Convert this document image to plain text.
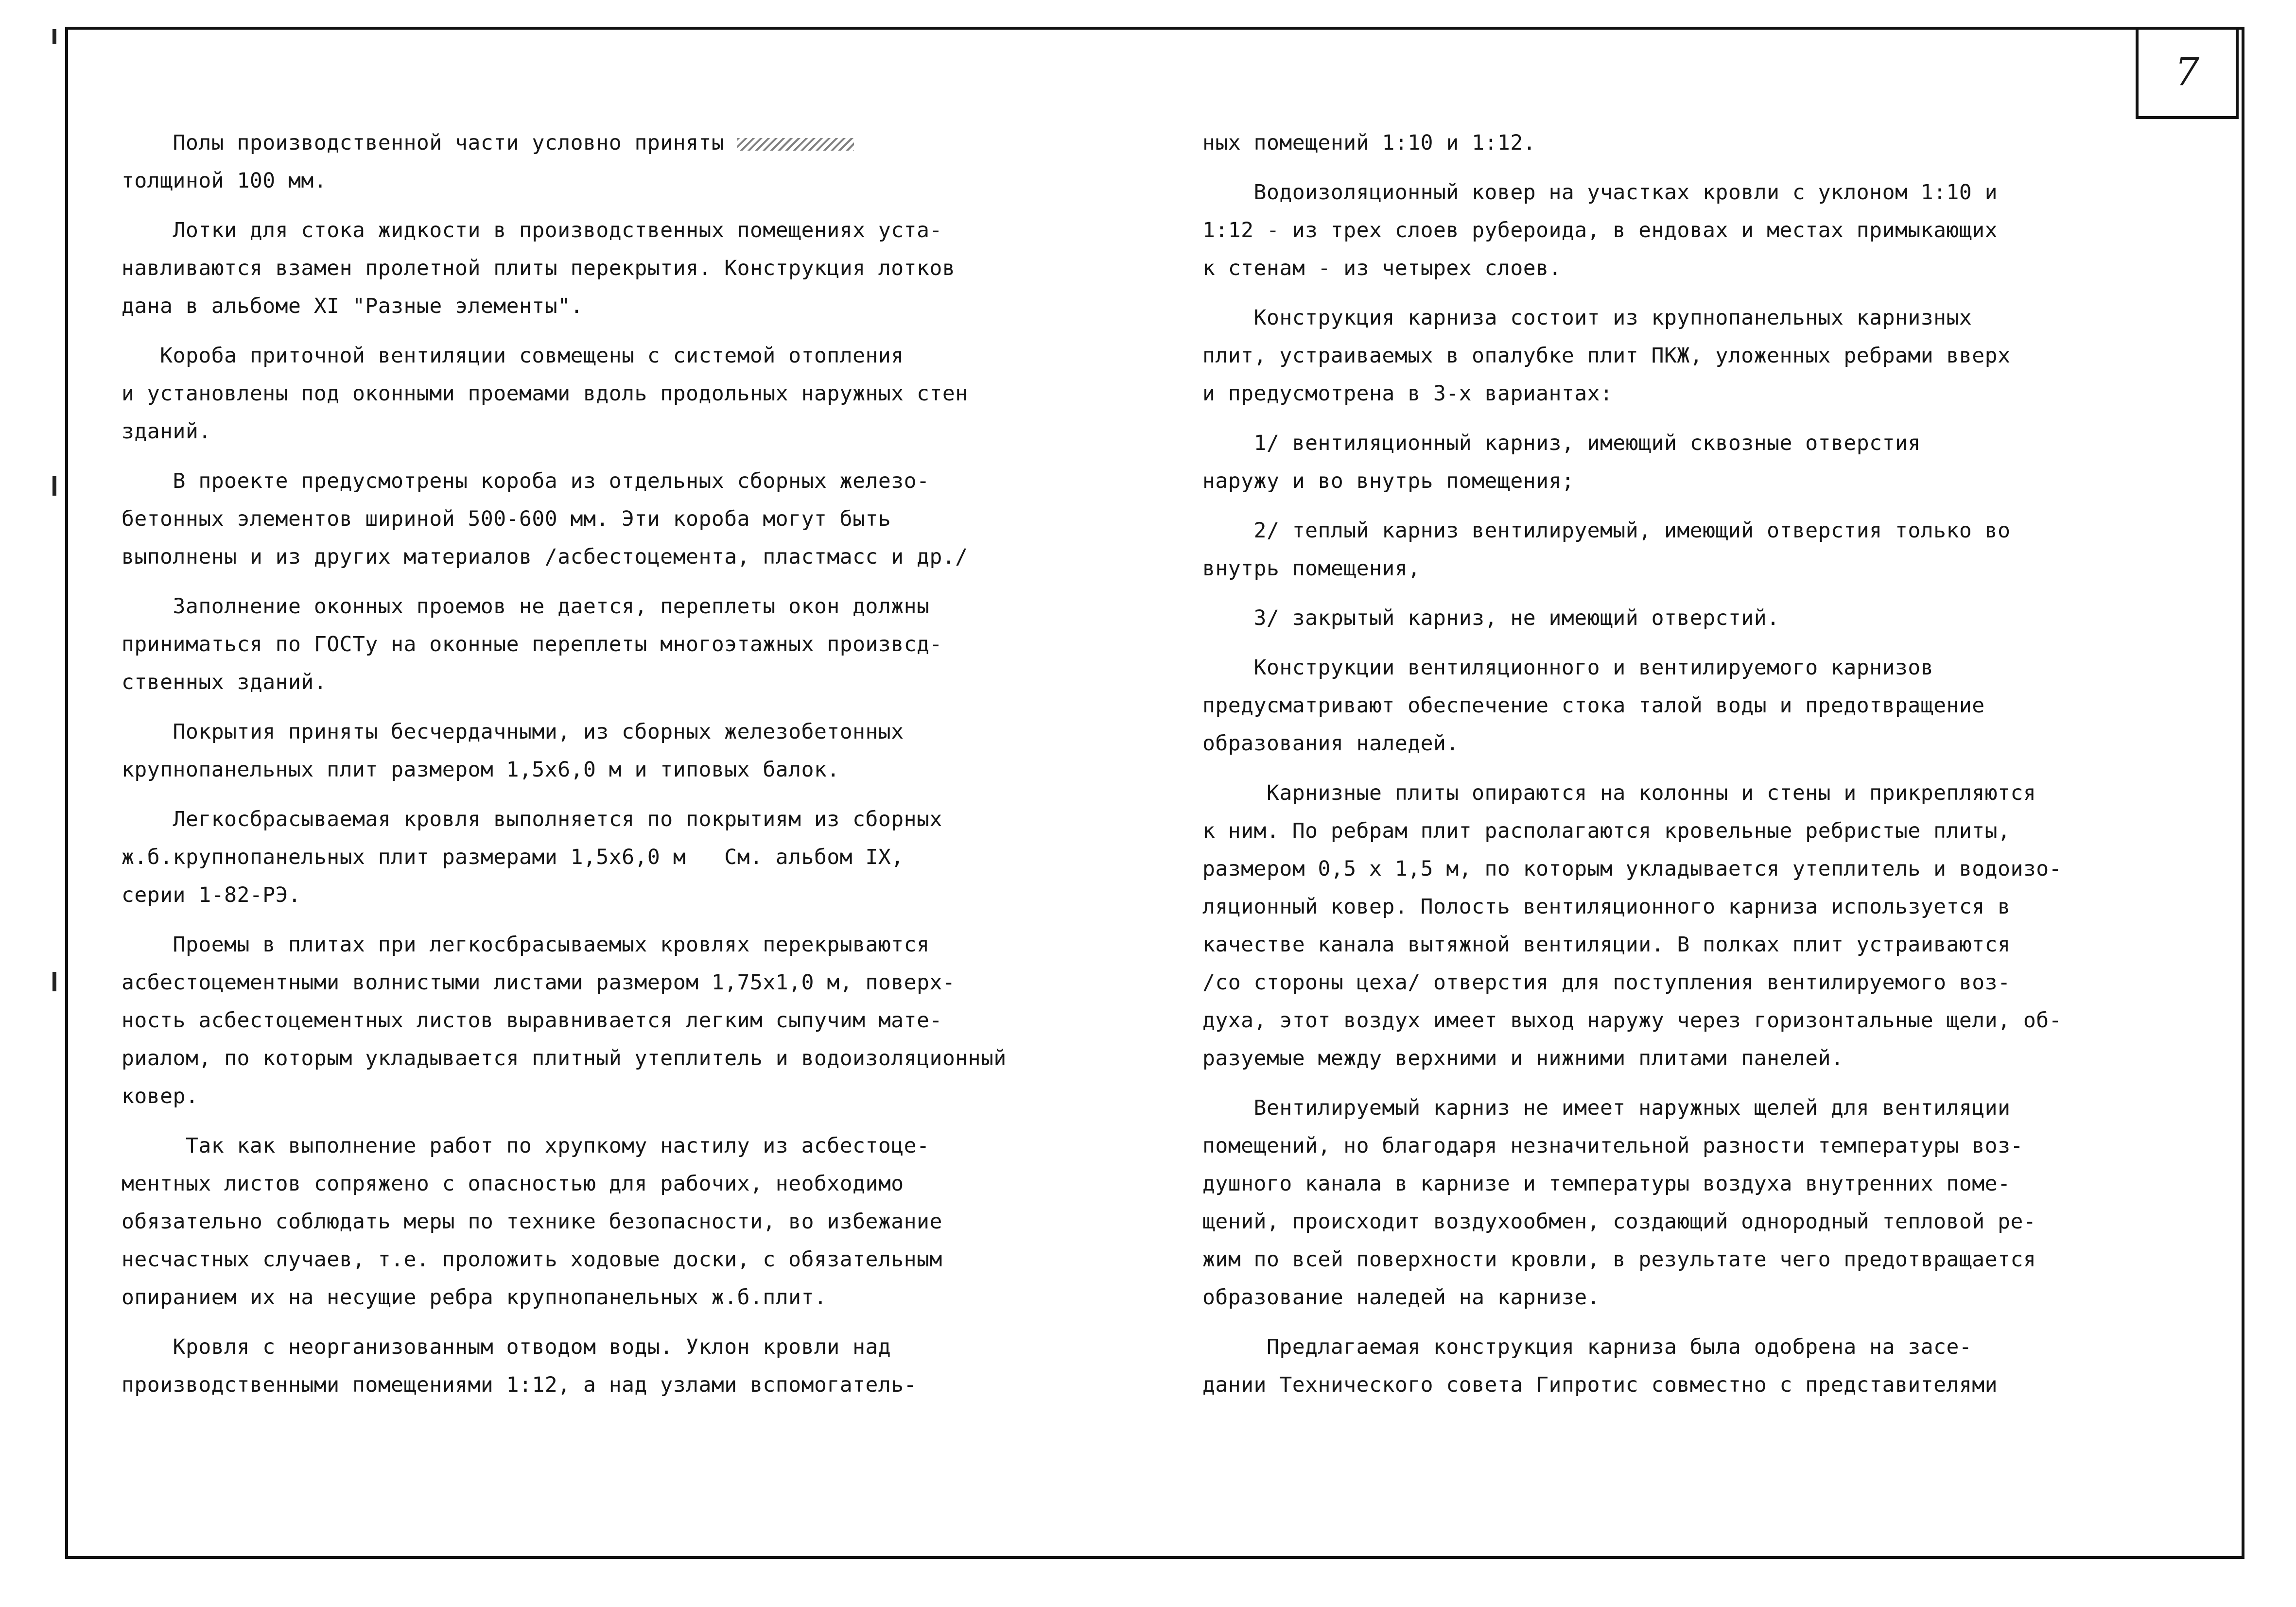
7
Полы производственной части условно приняты
толщиной 100 мм.
Лотки для стока жидкости в производственных помещениях уста-
навливаются взамен пролетной плиты перекрытия. Конструкция лотков
дана в альбоме XI "Разные элементы".
Короба приточной вентиляции совмещены с системой отопления
и установлены под оконными проемами вдоль продольных наружных стен
зданий.
В проекте предусмотрены короба из отдельных сборных железо-
бетонных элементов шириной 500-600 мм. Эти короба могут быть
выполнены и из других материалов /асбестоцемента, пластмасс и др./
Заполнение оконных проемов не дается, переплеты окон должны
приниматься по ГОСТу на оконные переплеты многоэтажных произвсд-
ственных зданий.
Покрытия приняты бесчердачными, из сборных железобетонных
крупнопанельных плит размером 1,5х6,0 м и типовых балок.
Легкосбрасываемая кровля выполняется по покрытиям из сборных
ж.б.крупнопанельных плит размерами 1,5х6,0 м   См. альбом IX,
серии 1-82-РЭ.
Проемы в плитах при легкосбрасываемых кровлях перекрываются
асбестоцементными волнистыми листами размером 1,75х1,0 м, поверх-
ность асбестоцементных листов выравнивается легким сыпучим мате-
риалом, по которым укладывается плитный утеплитель и водоизоляционный
ковер.
Так как выполнение работ по хрупкому настилу из асбестоце-
ментных листов сопряжено с опасностью для рабочих, необходимо
обязательно соблюдать меры по технике безопасности, во избежание
несчастных случаев, т.е. проложить ходовые доски, с обязательным
опиранием их на несущие ребра крупнопанельных ж.б.плит.
Кровля с неорганизованным отводом воды. Уклон кровли над
производственными помещениями 1:12, а над узлами вспомогатель-
ных помещений 1:10 и 1:12.
Водоизоляционный ковер на участках кровли с уклоном 1:10 и
1:12 - из трех слоев рубероида, в ендовах и местах примыкающих
к стенам - из четырех слоев.
Конструкция карниза состоит из крупнопанельных карнизных
плит, устраиваемых в опалубке плит ПКЖ, уложенных ребрами вверх
и предусмотрена в 3-х вариантах:
1/ вентиляционный карниз, имеющий сквозные отверстия
наружу и во внутрь помещения;
2/ теплый карниз вентилируемый, имеющий отверстия только во
внутрь помещения,
3/ закрытый карниз, не имеющий отверстий.
Конструкции вентиляционного и вентилируемого карнизов
предусматривают обеспечение стока талой воды и предотвращение
образования наледей.
Карнизные плиты опираются на колонны и стены и прикрепляются
к ним. По ребрам плит располагаются кровельные ребристые плиты,
размером 0,5 х 1,5 м, по которым укладывается утеплитель и водоизо-
ляционный ковер. Полость вентиляционного карниза используется в
качестве канала вытяжной вентиляции. В полках плит устраиваются
/со стороны цеха/ отверстия для поступления вентилируемого воз-
духа, этот воздух имеет выход наружу через горизонтальные щели, об-
разуемые между верхними и нижними плитами панелей.
Вентилируемый карниз не имеет наружных щелей для вентиляции
помещений, но благодаря незначительной разности температуры воз-
душного канала в карнизе и температуры воздуха внутренних поме-
щений, происходит воздухообмен, создающий однородный тепловой ре-
жим по всей поверхности кровли, в результате чего предотвращается
образование наледей на карнизе.
Предлагаемая конструкция карниза была одобрена на засе-
дании Технического совета Гипротис совместно с представителями
